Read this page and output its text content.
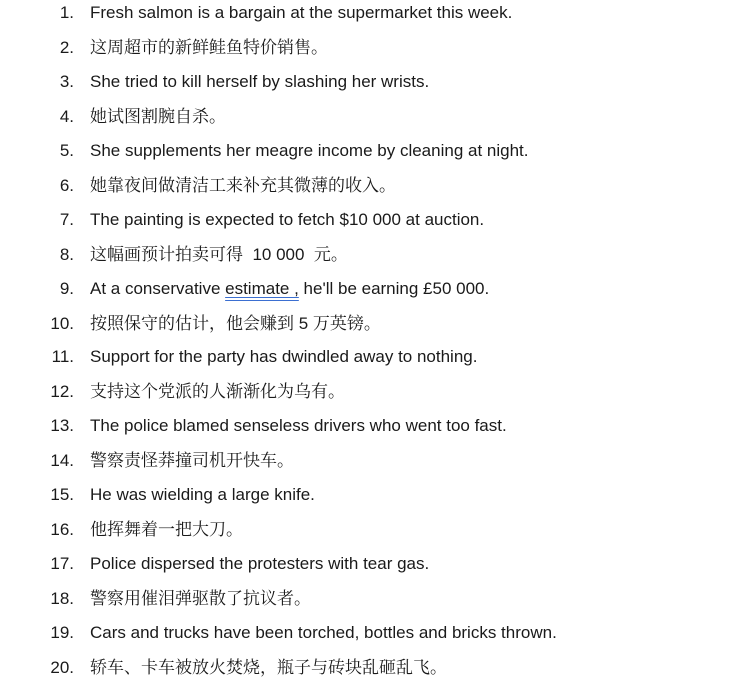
1. Fresh salmon is a bargain at the supermarket this week.
2. 这周超市的新鲜鲑鱼特价销售。
3. She tried to kill herself by slashing her wrists.
4. 她试图割腕自杀。
5. She supplements her meagre income by cleaning at night.
6. 她靠夜间做清洁工来补充其微薄的收入。
7. The painting is expected to fetch $10 000 at auction.
8. 这幅画预计拍卖可得  10 000  元。
9. At a conservative estimate , he'll be earning £50 000.
10. 按照保守的估计，他会赚到 5 万英镑。
11. Support for the party has dwindled away to nothing.
12. 支持这个党派的人渐渐化为乌有。
13. The police blamed senseless drivers who went too fast.
14. 警察责怪莽撞司机开快车。
15. He was wielding a large knife.
16. 他挥舞着一把大刀。
17. Police dispersed the protesters with tear gas.
18. 警察用催泪弹驱散了抗议者。
19. Cars and trucks have been torched, bottles and bricks thrown.
20. 轿车、卡车被放火焚烧，瓶子与砖块乱砸乱飞。
